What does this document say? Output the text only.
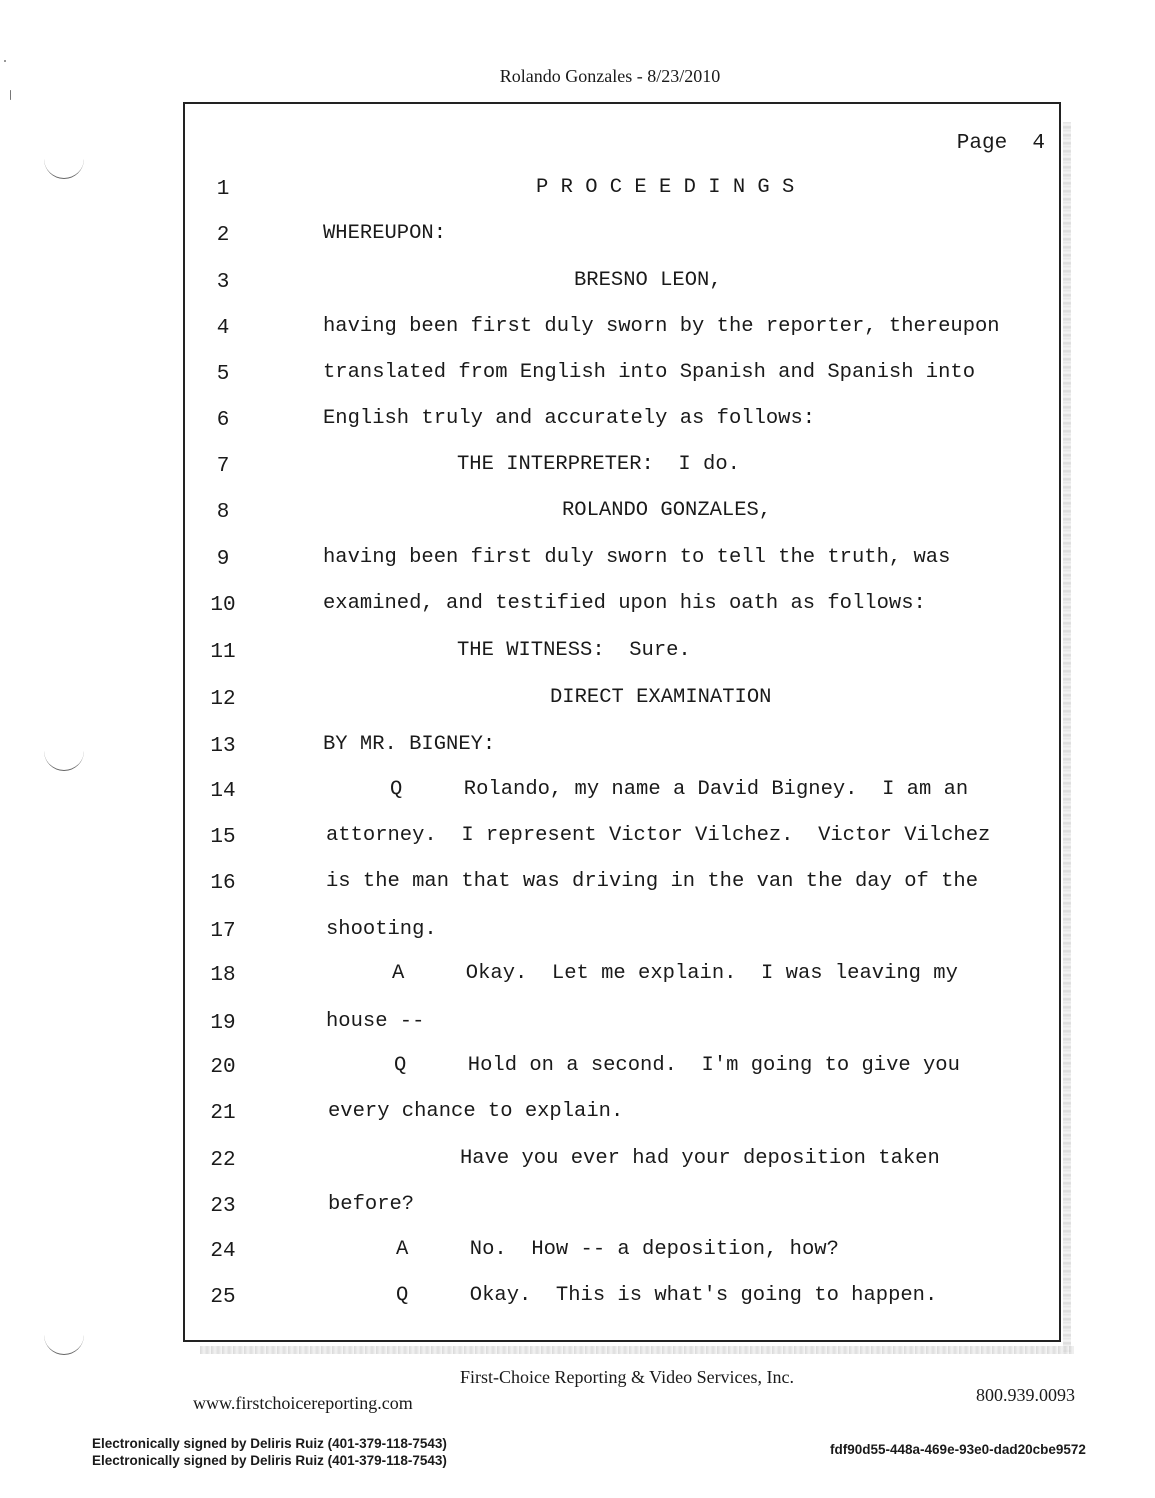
Rolando Gonzales - 8/23/2010
Page  4
1	P R O C E E D I N G S
2	WHEREUPON:
3	BRESNO LEON,
4	having been first duly sworn by the reporter, thereupon
5	translated from English into Spanish and Spanish into
6	English truly and accurately as follows:
7	THE INTERPRETER:  I do.
8	ROLANDO GONZALES,
9	having been first duly sworn to tell the truth, was
10	examined, and testified upon his oath as follows:
11	THE WITNESS:  Sure.
12	DIRECT EXAMINATION
13	BY MR. BIGNEY:
14	Q     Rolando, my name a David Bigney.  I am an
15	attorney.  I represent Victor Vilchez.  Victor Vilchez
16	is the man that was driving in the van the day of the
17	shooting.
18	A     Okay.  Let me explain.  I was leaving my
19	house --
20	Q     Hold on a second.  I'm going to give you
21	every chance to explain.
22	Have you ever had your deposition taken
23	before?
24	A     No.  How -- a deposition, how?
25	Q     Okay.  This is what's going to happen.
First-Choice Reporting & Video Services, Inc.
www.firstchoicereporting.com	800.939.0093
Electronically signed by Deliris Ruiz (401-379-118-7543)
Electronically signed by Deliris Ruiz (401-379-118-7543)
fdf90d55-448a-469e-93e0-dad20cbe9572
